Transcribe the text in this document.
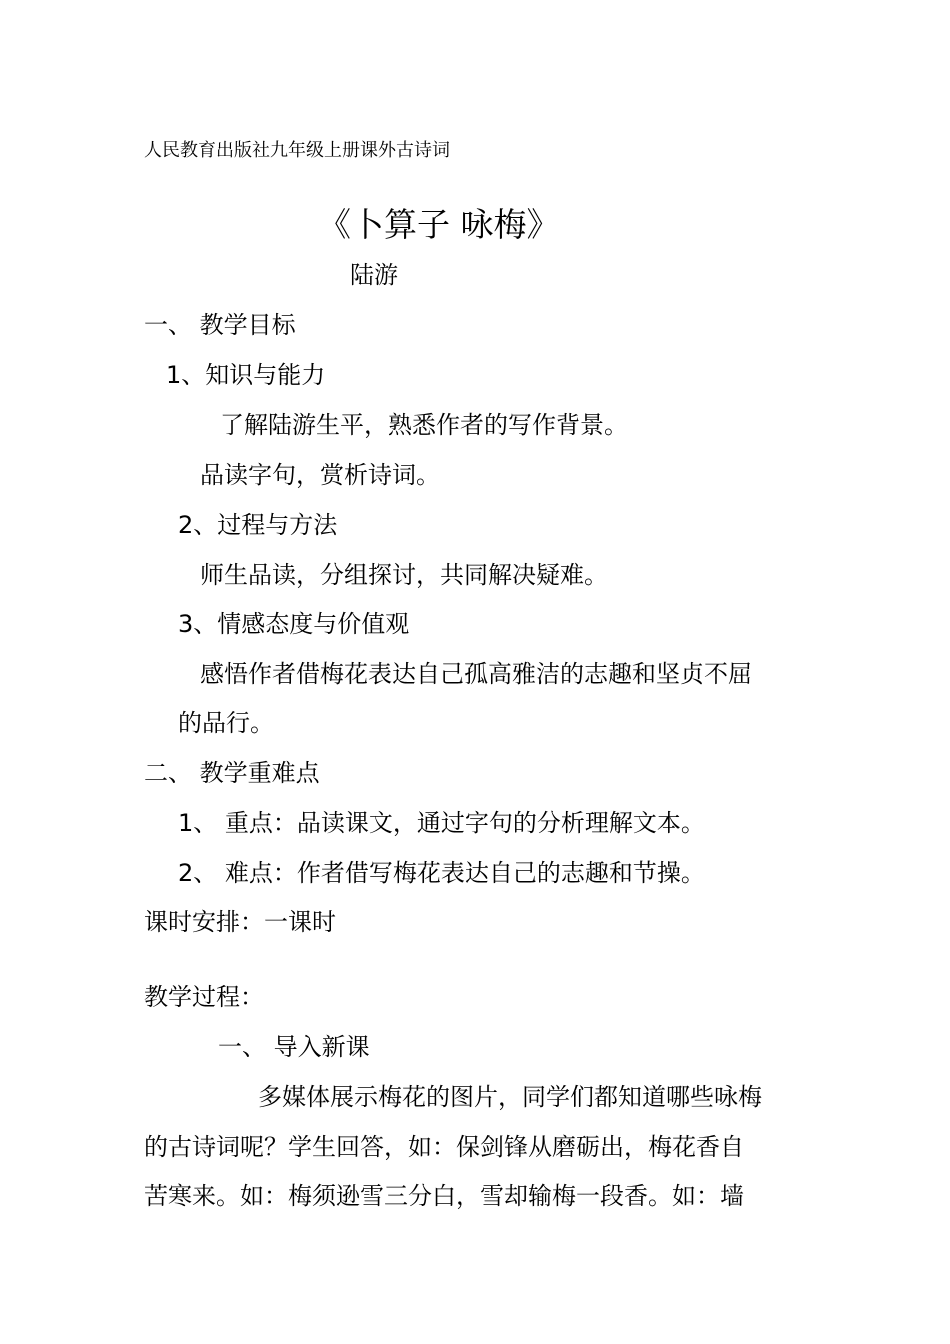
人民教育出版社九年级上册课外古诗词
《卜算子 咏梅》
陆游
一、 教学目标
1、知识与能力
了解陆游生平，熟悉作者的写作背景。
品读字句，赏析诗词。
2、过程与方法
师生品读，分组探讨，共同解决疑难。
3、情感态度与价值观
感悟作者借梅花表达自己孤高雅洁的志趣和坚贞不屈
的品行。
二、 教学重难点
1、 重点：品读课文，通过字句的分析理解文本。
2、 难点：作者借写梅花表达自己的志趣和节操。
课时安排：一课时
教学过程：
一、 导入新课
多媒体展示梅花的图片，同学们都知道哪些咏梅
的古诗词呢？学生回答，如：保剑锋从磨砺出，梅花香自
苦寒来。如：梅须逊雪三分白，雪却输梅一段香。如：墙
